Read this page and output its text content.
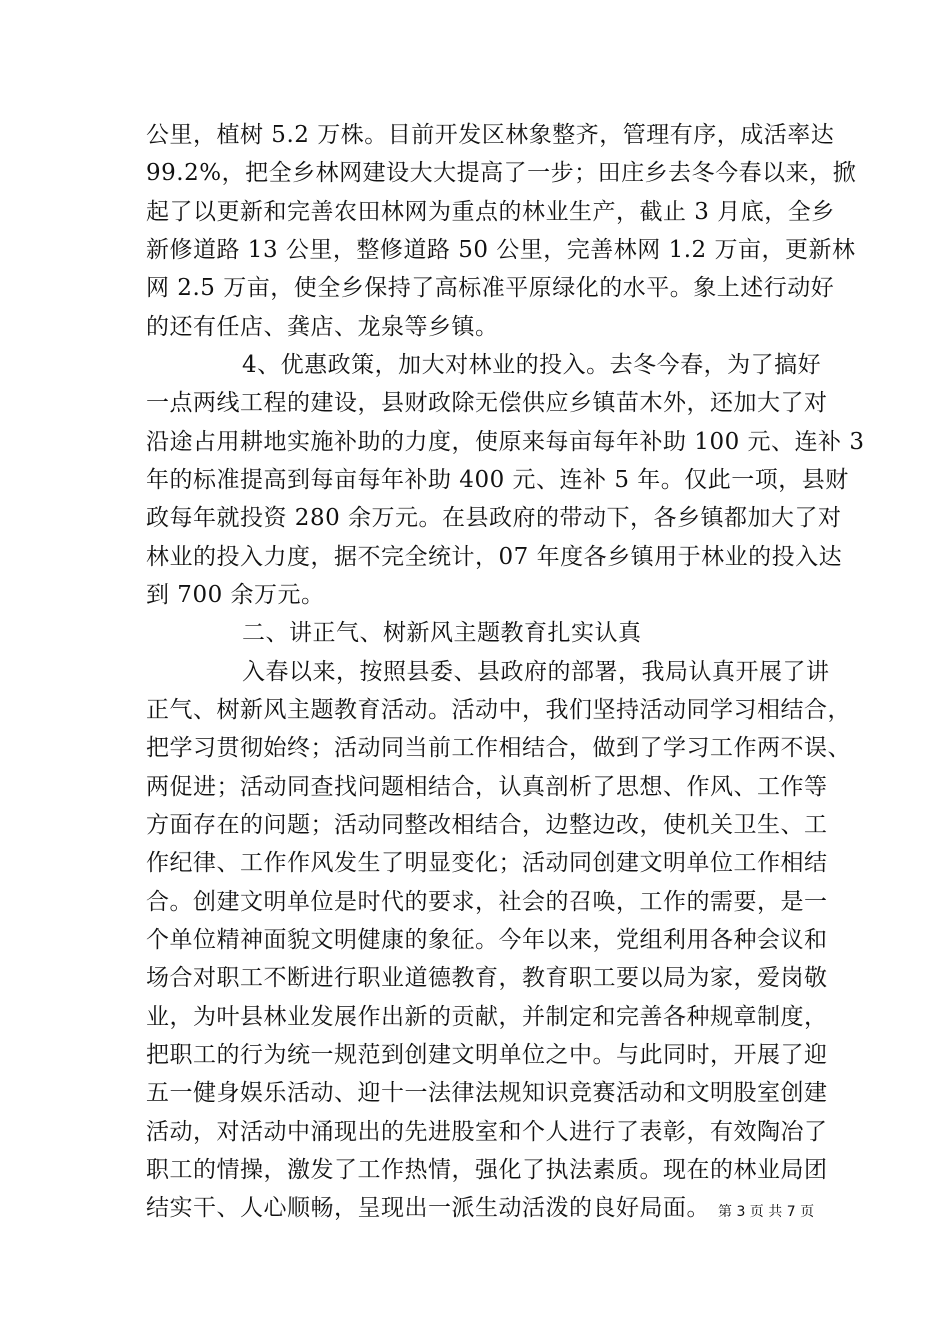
公里，植树 5.2 万株。目前开发区林象整齐，管理有序，成活率达
99.2%，把全乡林网建设大大提高了一步；田庄乡去冬今春以来，掀
起了以更新和完善农田林网为重点的林业生产，截止 3 月底，全乡
新修道路 13 公里，整修道路 50 公里，完善林网 1.2 万亩，更新林
网 2.5 万亩，使全乡保持了高标准平原绿化的水平。象上述行动好
的还有任店、龚店、龙泉等乡镇。
4、优惠政策，加大对林业的投入。去冬今春，为了搞好
一点两线工程的建设，县财政除无偿供应乡镇苗木外，还加大了对
沿途占用耕地实施补助的力度，使原来每亩每年补助 100 元、连补 3
年的标准提高到每亩每年补助 400 元、连补 5 年。仅此一项，县财
政每年就投资 280 余万元。在县政府的带动下，各乡镇都加大了对
林业的投入力度，据不完全统计，07 年度各乡镇用于林业的投入达
到 700 余万元。
二、讲正气、树新风主题教育扎实认真
入春以来，按照县委、县政府的部署，我局认真开展了讲
正气、树新风主题教育活动。活动中，我们坚持活动同学习相结合，
把学习贯彻始终；活动同当前工作相结合，做到了学习工作两不误、
两促进；活动同查找问题相结合，认真剖析了思想、作风、工作等
方面存在的问题；活动同整改相结合，边整边改，使机关卫生、工
作纪律、工作作风发生了明显变化；活动同创建文明单位工作相结
合。创建文明单位是时代的要求，社会的召唤，工作的需要，是一
个单位精神面貌文明健康的象征。今年以来，党组利用各种会议和
场合对职工不断进行职业道德教育，教育职工要以局为家，爱岗敬
业，为叶县林业发展作出新的贡献，并制定和完善各种规章制度，
把职工的行为统一规范到创建文明单位之中。与此同时，开展了迎
五一健身娱乐活动、迎十一法律法规知识竞赛活动和文明股室创建
活动，对活动中涌现出的先进股室和个人进行了表彰，有效陶冶了
职工的情操，激发了工作热情，强化了执法素质。现在的林业局团
结实干、人心顺畅，呈现出一派生动活泼的良好局面。 第 3 页 共 7 页
